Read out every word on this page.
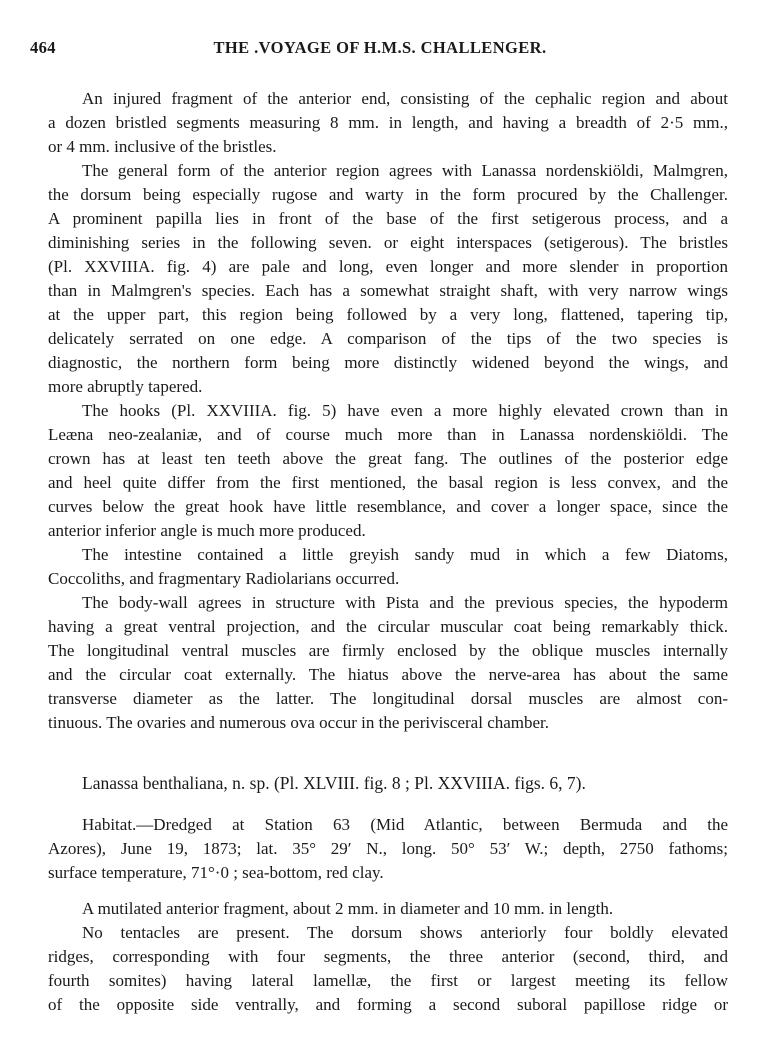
464	THE .VOYAGE OF H.M.S. CHALLENGER.
An injured fragment of the anterior end, consisting of the cephalic region and about
a dozen bristled segments measuring 8 mm. in length, and having a breadth of 2·5 mm.,
or 4 mm. inclusive of the bristles.
The general form of the anterior region agrees with Lanassa nordenskiöldi, Malmgren,
the dorsum being especially rugose and warty in the form procured by the Challenger.
A prominent papilla lies in front of the base of the first setigerous process, and a
diminishing series in the following seven. or eight interspaces (setigerous). The bristles
(Pl. XXVIIIA. fig. 4) are pale and long, even longer and more slender in proportion
than in Malmgren's species. Each has a somewhat straight shaft, with very narrow wings
at the upper part, this region being followed by a very long, flattened, tapering tip,
delicately serrated on one edge. A comparison of the tips of the two species is
diagnostic, the northern form being more distinctly widened beyond the wings, and
more abruptly tapered.
The hooks (Pl. XXVIIIA. fig. 5) have even a more highly elevated crown than in
Leæna neo-zealaniæ, and of course much more than in Lanassa nordenskiöldi. The
crown has at least ten teeth above the great fang. The outlines of the posterior edge
and heel quite differ from the first mentioned, the basal region is less convex, and the
curves below the great hook have little resemblance, and cover a longer space, since the
anterior inferior angle is much more produced.
The intestine contained a little greyish sandy mud in which a few Diatoms,
Coccoliths, and fragmentary Radiolarians occurred.
The body-wall agrees in structure with Pista and the previous species, the hypoderm
having a great ventral projection, and the circular muscular coat being remarkably thick.
The longitudinal ventral muscles are firmly enclosed by the oblique muscles internally
and the circular coat externally. The hiatus above the nerve-area has about the same
transverse diameter as the latter. The longitudinal dorsal muscles are almost con-
tinuous. The ovaries and numerous ova occur in the perivisceral chamber.
Lanassa benthaliana, n. sp. (Pl. XLVIII. fig. 8 ; Pl. XXVIIIA. figs. 6, 7).
Habitat.—Dredged at Station 63 (Mid Atlantic, between Bermuda and the
Azores), June 19, 1873; lat. 35° 29′ N., long. 50° 53′ W.; depth, 2750 fathoms;
surface temperature, 71°·0 ; sea-bottom, red clay.
A mutilated anterior fragment, about 2 mm. in diameter and 10 mm. in length.
No tentacles are present. The dorsum shows anteriorly four boldly elevated
ridges, corresponding with four segments, the three anterior (second, third, and
fourth somites) having lateral lamellæ, the first or largest meeting its fellow
of the opposite side ventrally, and forming a second suboral papillose ridge or
